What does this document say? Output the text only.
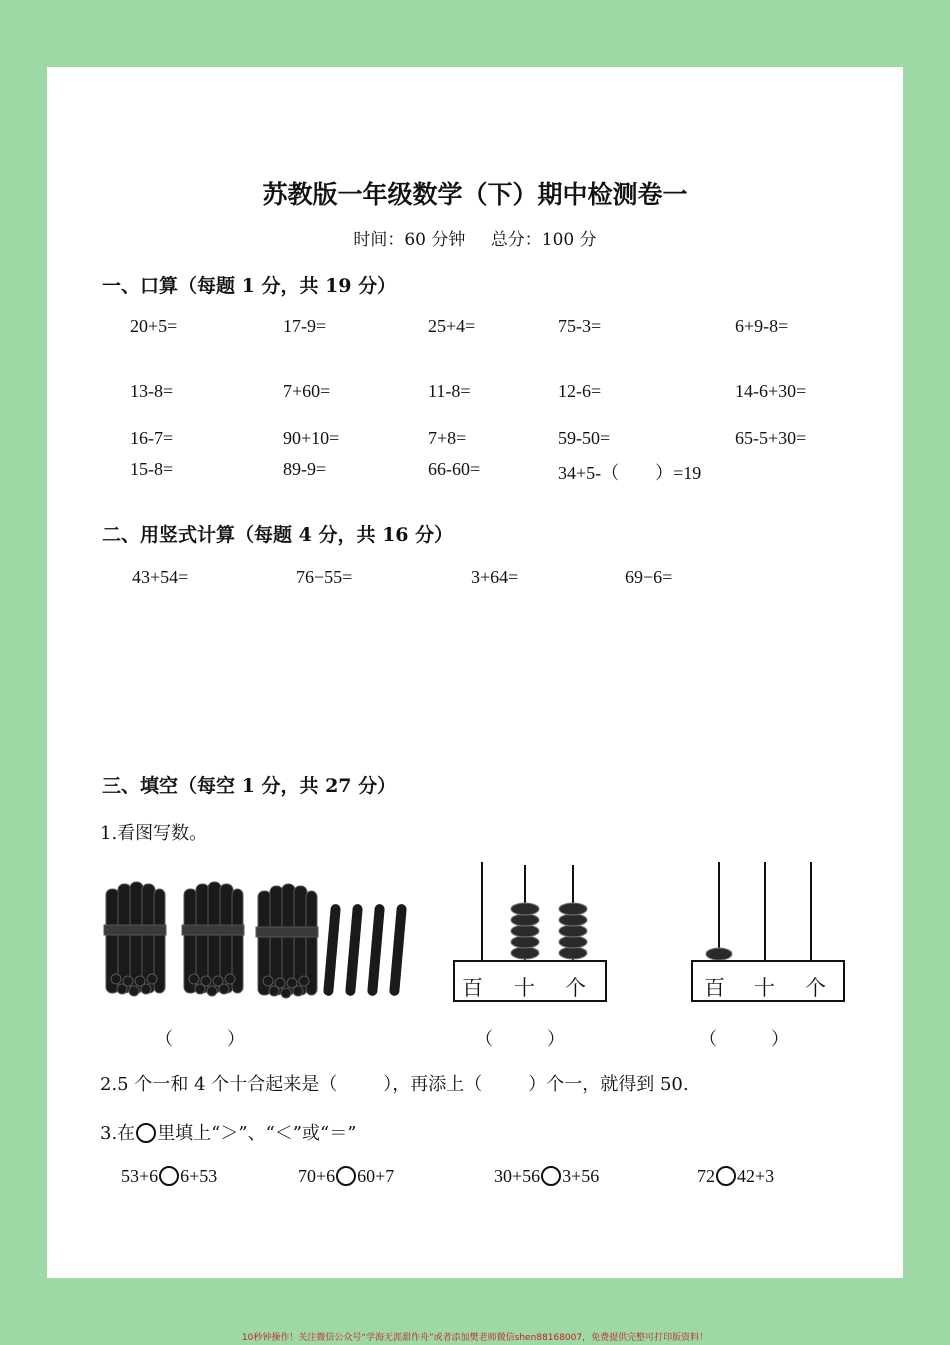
苏教版一年级数学（下）期中检测卷一
时间：60 分钟 总分：100 分
一、口算（每题 1 分，共 19 分）
20+5=	17-9=	25+4=	75-3=	6+9-8=
13-8=	7+60=	11-8=	12-6=	14-6+30=
16-7=	90+10=	7+8=	59-50=	65-5+30=
15-8=	89-9=	66-60=	34+5-（　　）=19
二、用竖式计算（每题 4 分，共 16 分）
43+54=	76−55=	3+64=	69−6=
三、填空（每空 1 分，共 27 分）
1.看图写数。
百 十 个	百 十 个
（　　　）	（　　　）	（　　　）
2.5 个一和 4 个十合起来是（	），再添上（	）个一，就得到 50.
3.在 里填上“＞”、“＜”或“＝”
53+6 6+53	70+6 60+7	30+56 3+56	72 42+3
10秒钟操作！关注微信公众号“学海无涯甜作舟”或者添加樊老师微信shen88168007，免费提供完整可打印版资料！
